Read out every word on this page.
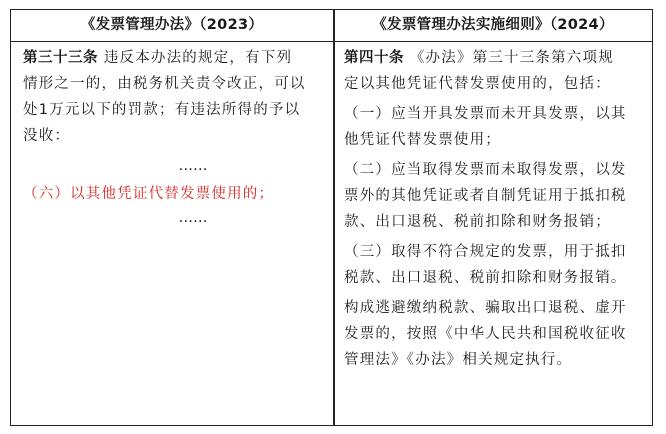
《发票管理办法》（2023）	《发票管理办法实施细则》（2024）
第三十三条 违反本办法的规定，有下列
情形之一的，由税务机关责令改正，可以
处1万元以下的罚款；有违法所得的予以
没收：
……
（六）以其他凭证代替发票使用的；
……
第四十条 《办法》第三十三条第六项规
定以其他凭证代替发票使用的，包括：
（一）应当开具发票而未开具发票，以其
他凭证代替发票使用；
（二）应当取得发票而未取得发票，以发
票外的其他凭证或者自制凭证用于抵扣税
款、出口退税、税前扣除和财务报销；
（三）取得不符合规定的发票，用于抵扣
税款、出口退税、税前扣除和财务报销。
构成逃避缴纳税款、骗取出口退税、虚开
发票的，按照《中华人民共和国税收征收
管理法》《办法》相关规定执行。
